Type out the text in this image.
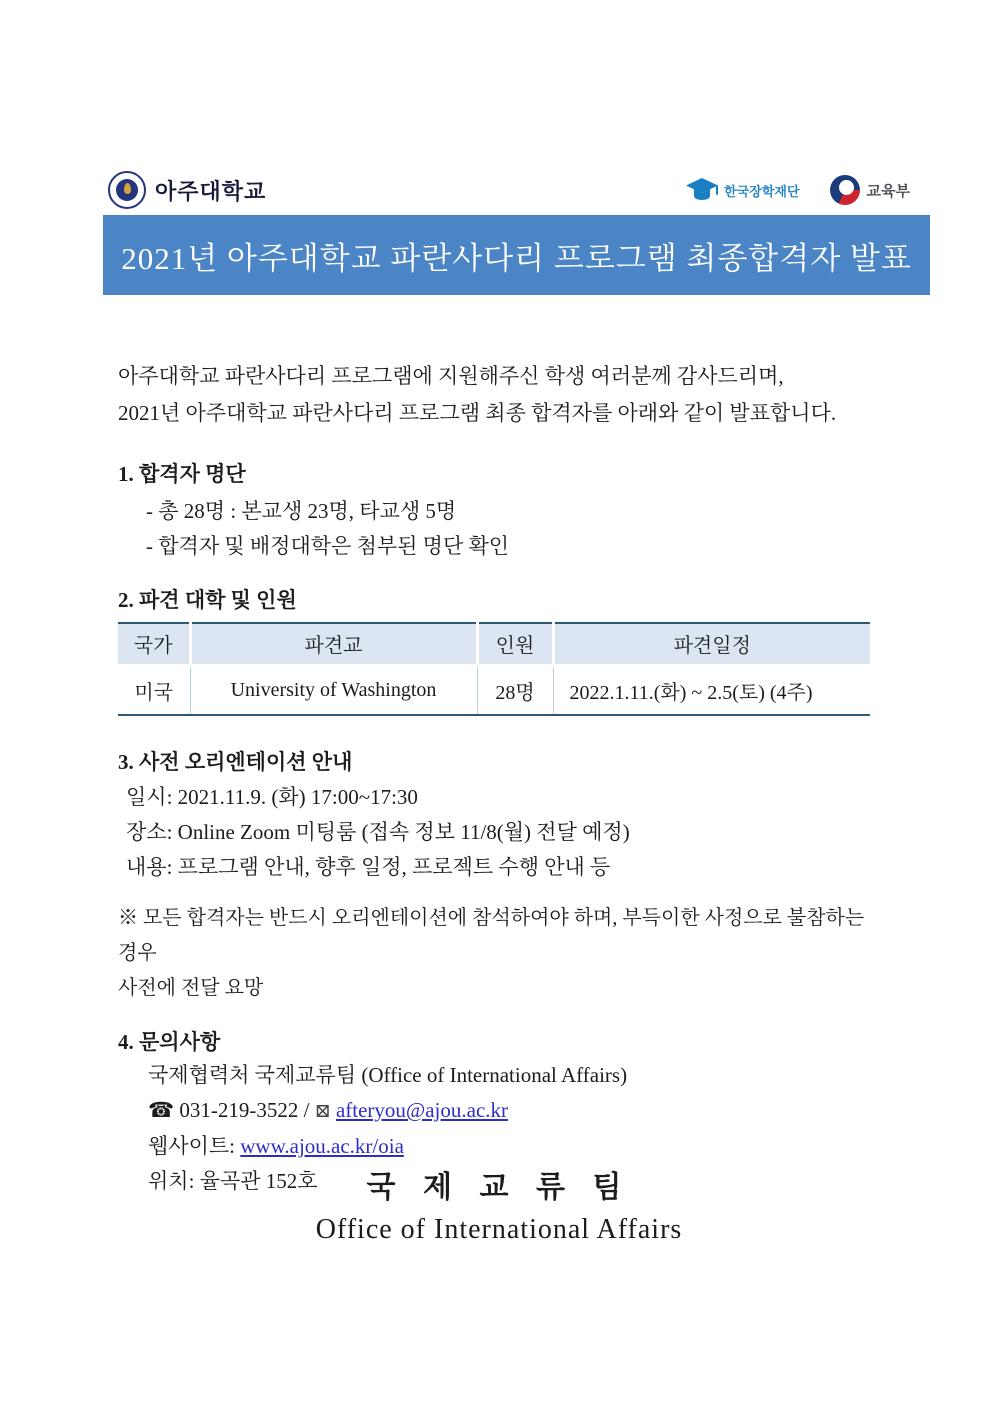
아주대학교	한국장학재단	교육부
2021년 아주대학교 파란사다리 프로그램 최종합격자 발표
아주대학교 파란사다리 프로그램에 지원해주신 학생 여러분께 감사드리며,
2021년 아주대학교 파란사다리 프로그램 최종 합격자를 아래와 같이 발표합니다.
1. 합격자 명단
- 총 28명 : 본교생 23명, 타교생 5명
- 합격자 및 배정대학은 첨부된 명단 확인
2. 파견 대학 및 인원
국가	파견교	인원	파견일정
미국	University of Washington	28명	2022.1.11.(화) ~ 2.5(토) (4주)
3. 사전 오리엔테이션 안내
일시: 2021.11.9. (화) 17:00~17:30
장소: Online Zoom 미팅룸 (접속 정보 11/8(월) 전달 예정)
내용: 프로그램 안내, 향후 일정, 프로젝트 수행 안내 등
※ 모든 합격자는 반드시 오리엔테이션에 참석하여야 하며, 부득이한 사정으로 불참하는 경우
사전에 전달 요망
4. 문의사항
국제협력처 국제교류팀 (Office of International Affairs)
☎ 031-219-3522 / ⊠ afteryou@ajou.ac.kr
웹사이트: www.ajou.ac.kr/oia
위치: 율곡관 152호	국 제 교 류 팀
Office of International Affairs
